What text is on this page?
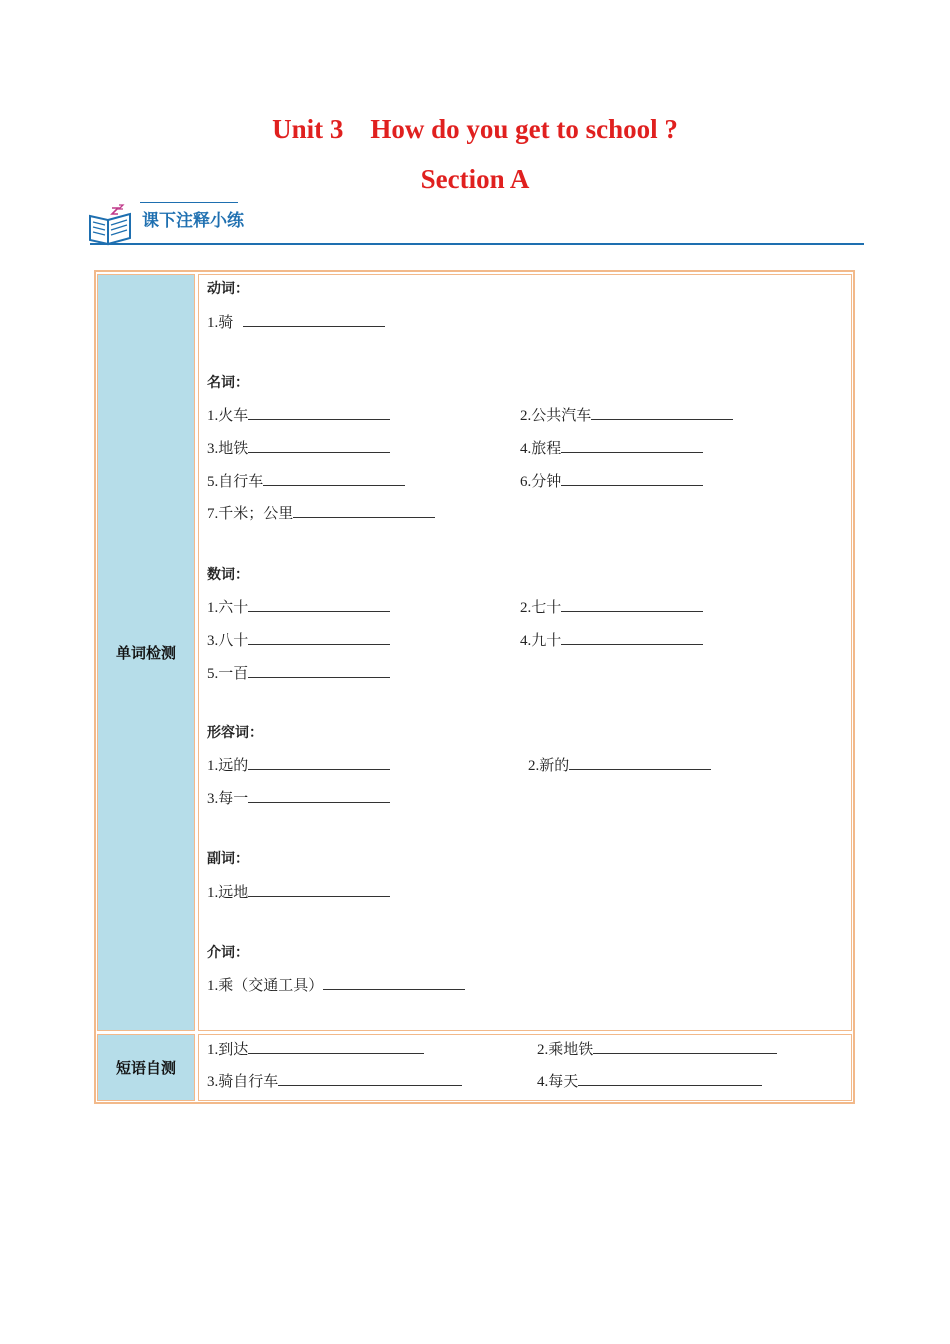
Unit 3    How do you get to school ?
Section A
课下注释小练
单词检测
短语自测
动词：
1.骑
名词：
1.火车	2.公共汽车
3.地铁	4.旅程
5.自行车	6.分钟
7.千米；公里
数词：
1.六十	2.七十
3.八十	4.九十
5.一百
形容词：
1.远的	2.新的
3.每一
副词：
1.远地
介词：
1.乘（交通工具）
1.到达	2.乘地铁
3.骑自行车	4.每天
